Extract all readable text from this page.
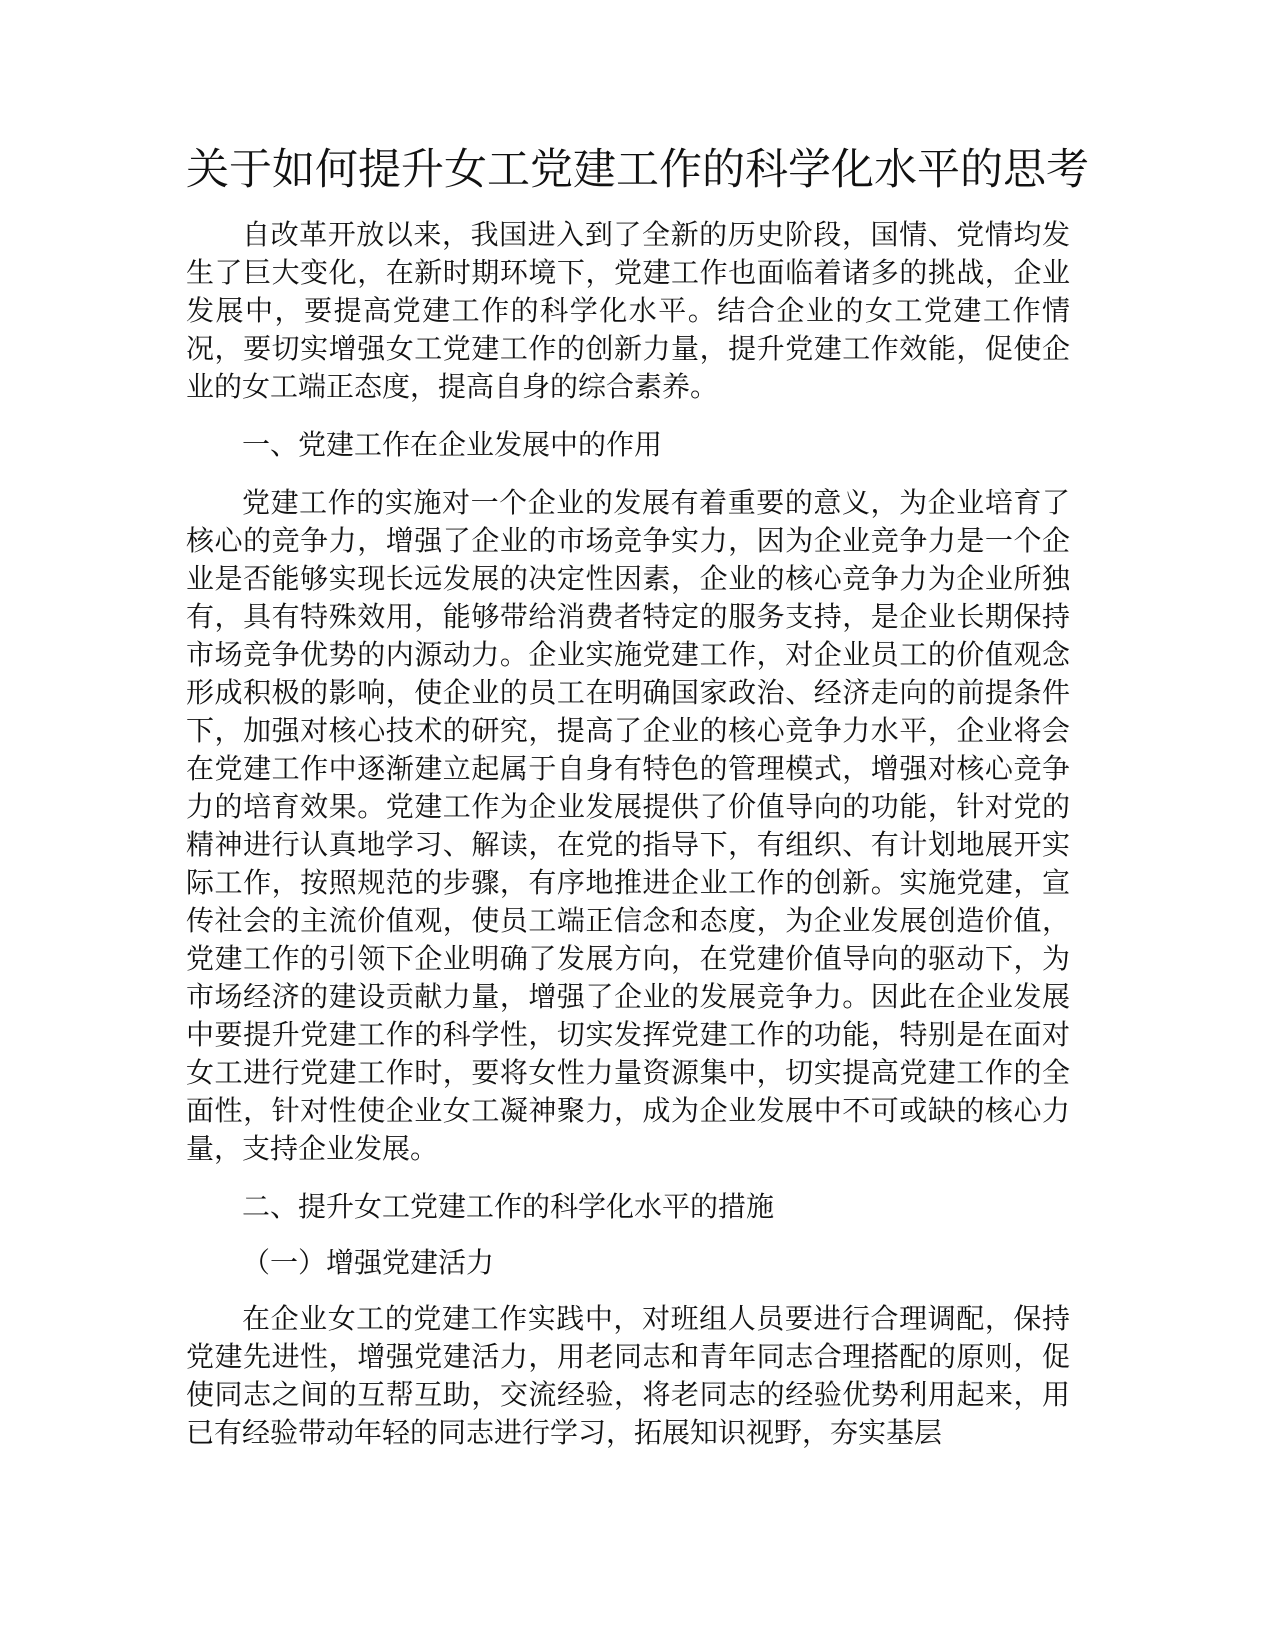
关于如何提升女工党建工作的科学化水平的思考

自改革开放以来，我国进入到了全新的历史阶段，国情、党情均发生了巨大变化，在新时期环境下，党建工作也面临着诸多的挑战，企业发展中，要提高党建工作的科学化水平。结合企业的女工党建工作情况，要切实增强女工党建工作的创新力量，提升党建工作效能，促使企业的女工端正态度，提高自身的综合素养。

一、党建工作在企业发展中的作用

党建工作的实施对一个企业的发展有着重要的意义，为企业培育了核心的竞争力，增强了企业的市场竞争实力，因为企业竞争力是一个企业是否能够实现长远发展的决定性因素，企业的核心竞争力为企业所独有，具有特殊效用，能够带给消费者特定的服务支持，是企业长期保持市场竞争优势的内源动力。企业实施党建工作，对企业员工的价值观念形成积极的影响，使企业的员工在明确国家政治、经济走向的前提条件下，加强对核心技术的研究，提高了企业的核心竞争力水平，企业将会在党建工作中逐渐建立起属于自身有特色的管理模式，增强对核心竞争力的培育效果。党建工作为企业发展提供了价值导向的功能，针对党的精神进行认真地学习、解读，在党的指导下，有组织、有计划地展开实际工作，按照规范的步骤，有序地推进企业工作的创新。实施党建，宣传社会的主流价值观，使员工端正信念和态度，为企业发展创造价值，党建工作的引领下企业明确了发展方向，在党建价值导向的驱动下，为市场经济的建设贡献力量，增强了企业的发展竞争力。因此在企业发展中要提升党建工作的科学性，切实发挥党建工作的功能，特别是在面对女工进行党建工作时，要将女性力量资源集中，切实提高党建工作的全面性，针对性使企业女工凝神聚力，成为企业发展中不可或缺的核心力量，支持企业发展。

二、提升女工党建工作的科学化水平的措施

（一）增强党建活力

在企业女工的党建工作实践中，对班组人员要进行合理调配，保持党建先进性，增强党建活力，用老同志和青年同志合理搭配的原则，促使同志之间的互帮互助，交流经验，将老同志的经验优势利用起来，用已有经验带动年轻的同志进行学习，拓展知识视野，夯实基层
